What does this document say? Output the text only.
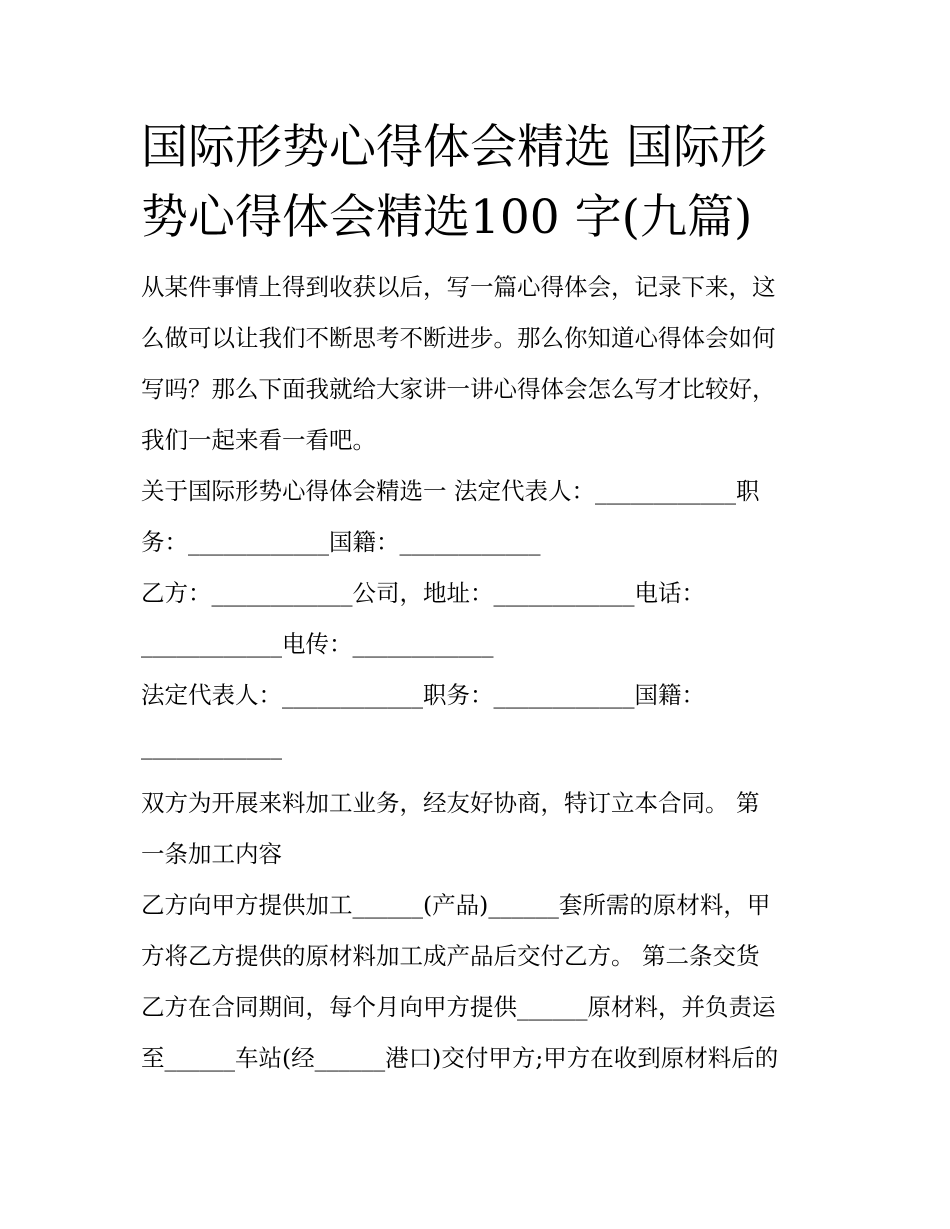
国际形势心得体会精选 国际形
势心得体会精选100 字(九篇)

从某件事情上得到收获以后，写一篇心得体会，记录下来，这

么做可以让我们不断思考不断进步。那么你知道心得体会如何

写吗？那么下面我就给大家讲一讲心得体会怎么写才比较好，

我们一起来看一看吧。

关于国际形势心得体会精选一 法定代表人：____________职

务：____________国籍：____________

乙方：____________公司，地址：____________电话：

____________电传：____________

法定代表人：____________职务：____________国籍：

____________

双方为开展来料加工业务，经友好协商，特订立本合同。 第

一条加工内容

乙方向甲方提供加工______(产品)______套所需的原材料，甲

方将乙方提供的原材料加工成产品后交付乙方。 第二条交货

乙方在合同期间，每个月向甲方提供______原材料，并负责运

至______车站(经______港口)交付甲方;甲方在收到原材料后的
